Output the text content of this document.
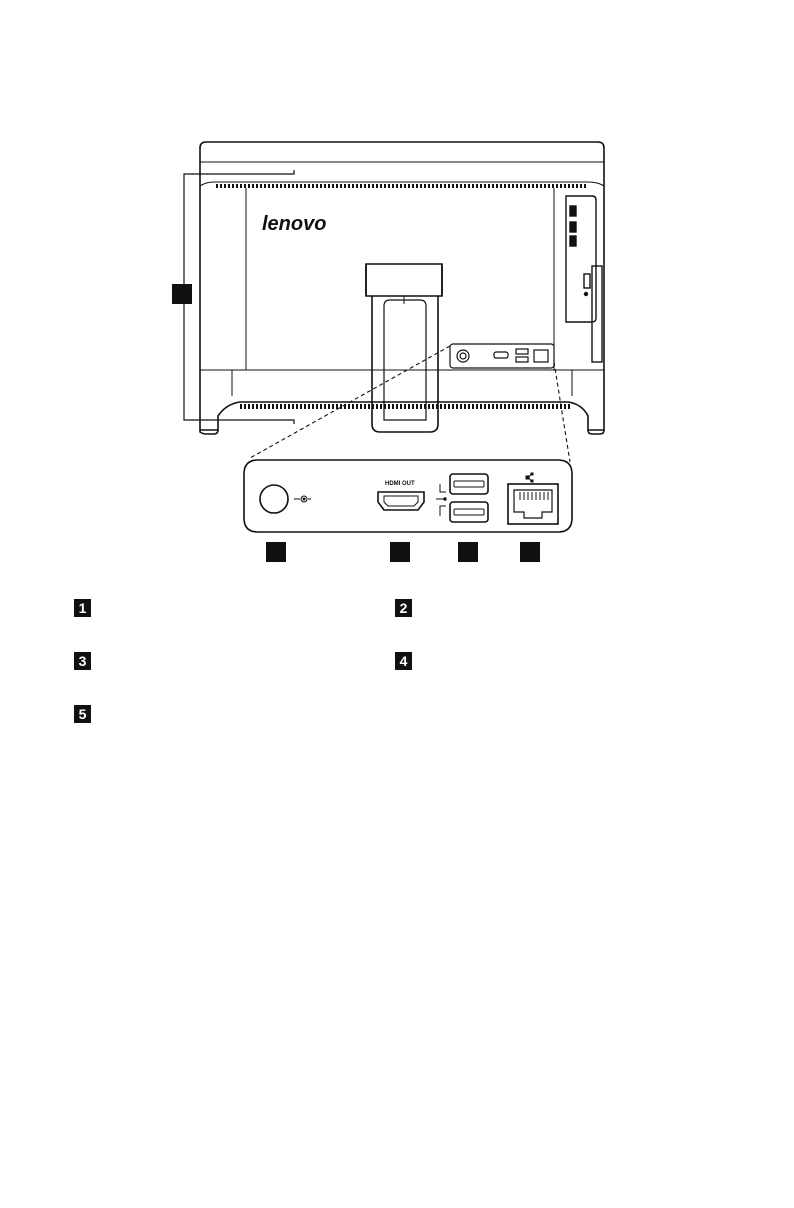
lenovo
HDMI OUT
1	2
3	4
5
